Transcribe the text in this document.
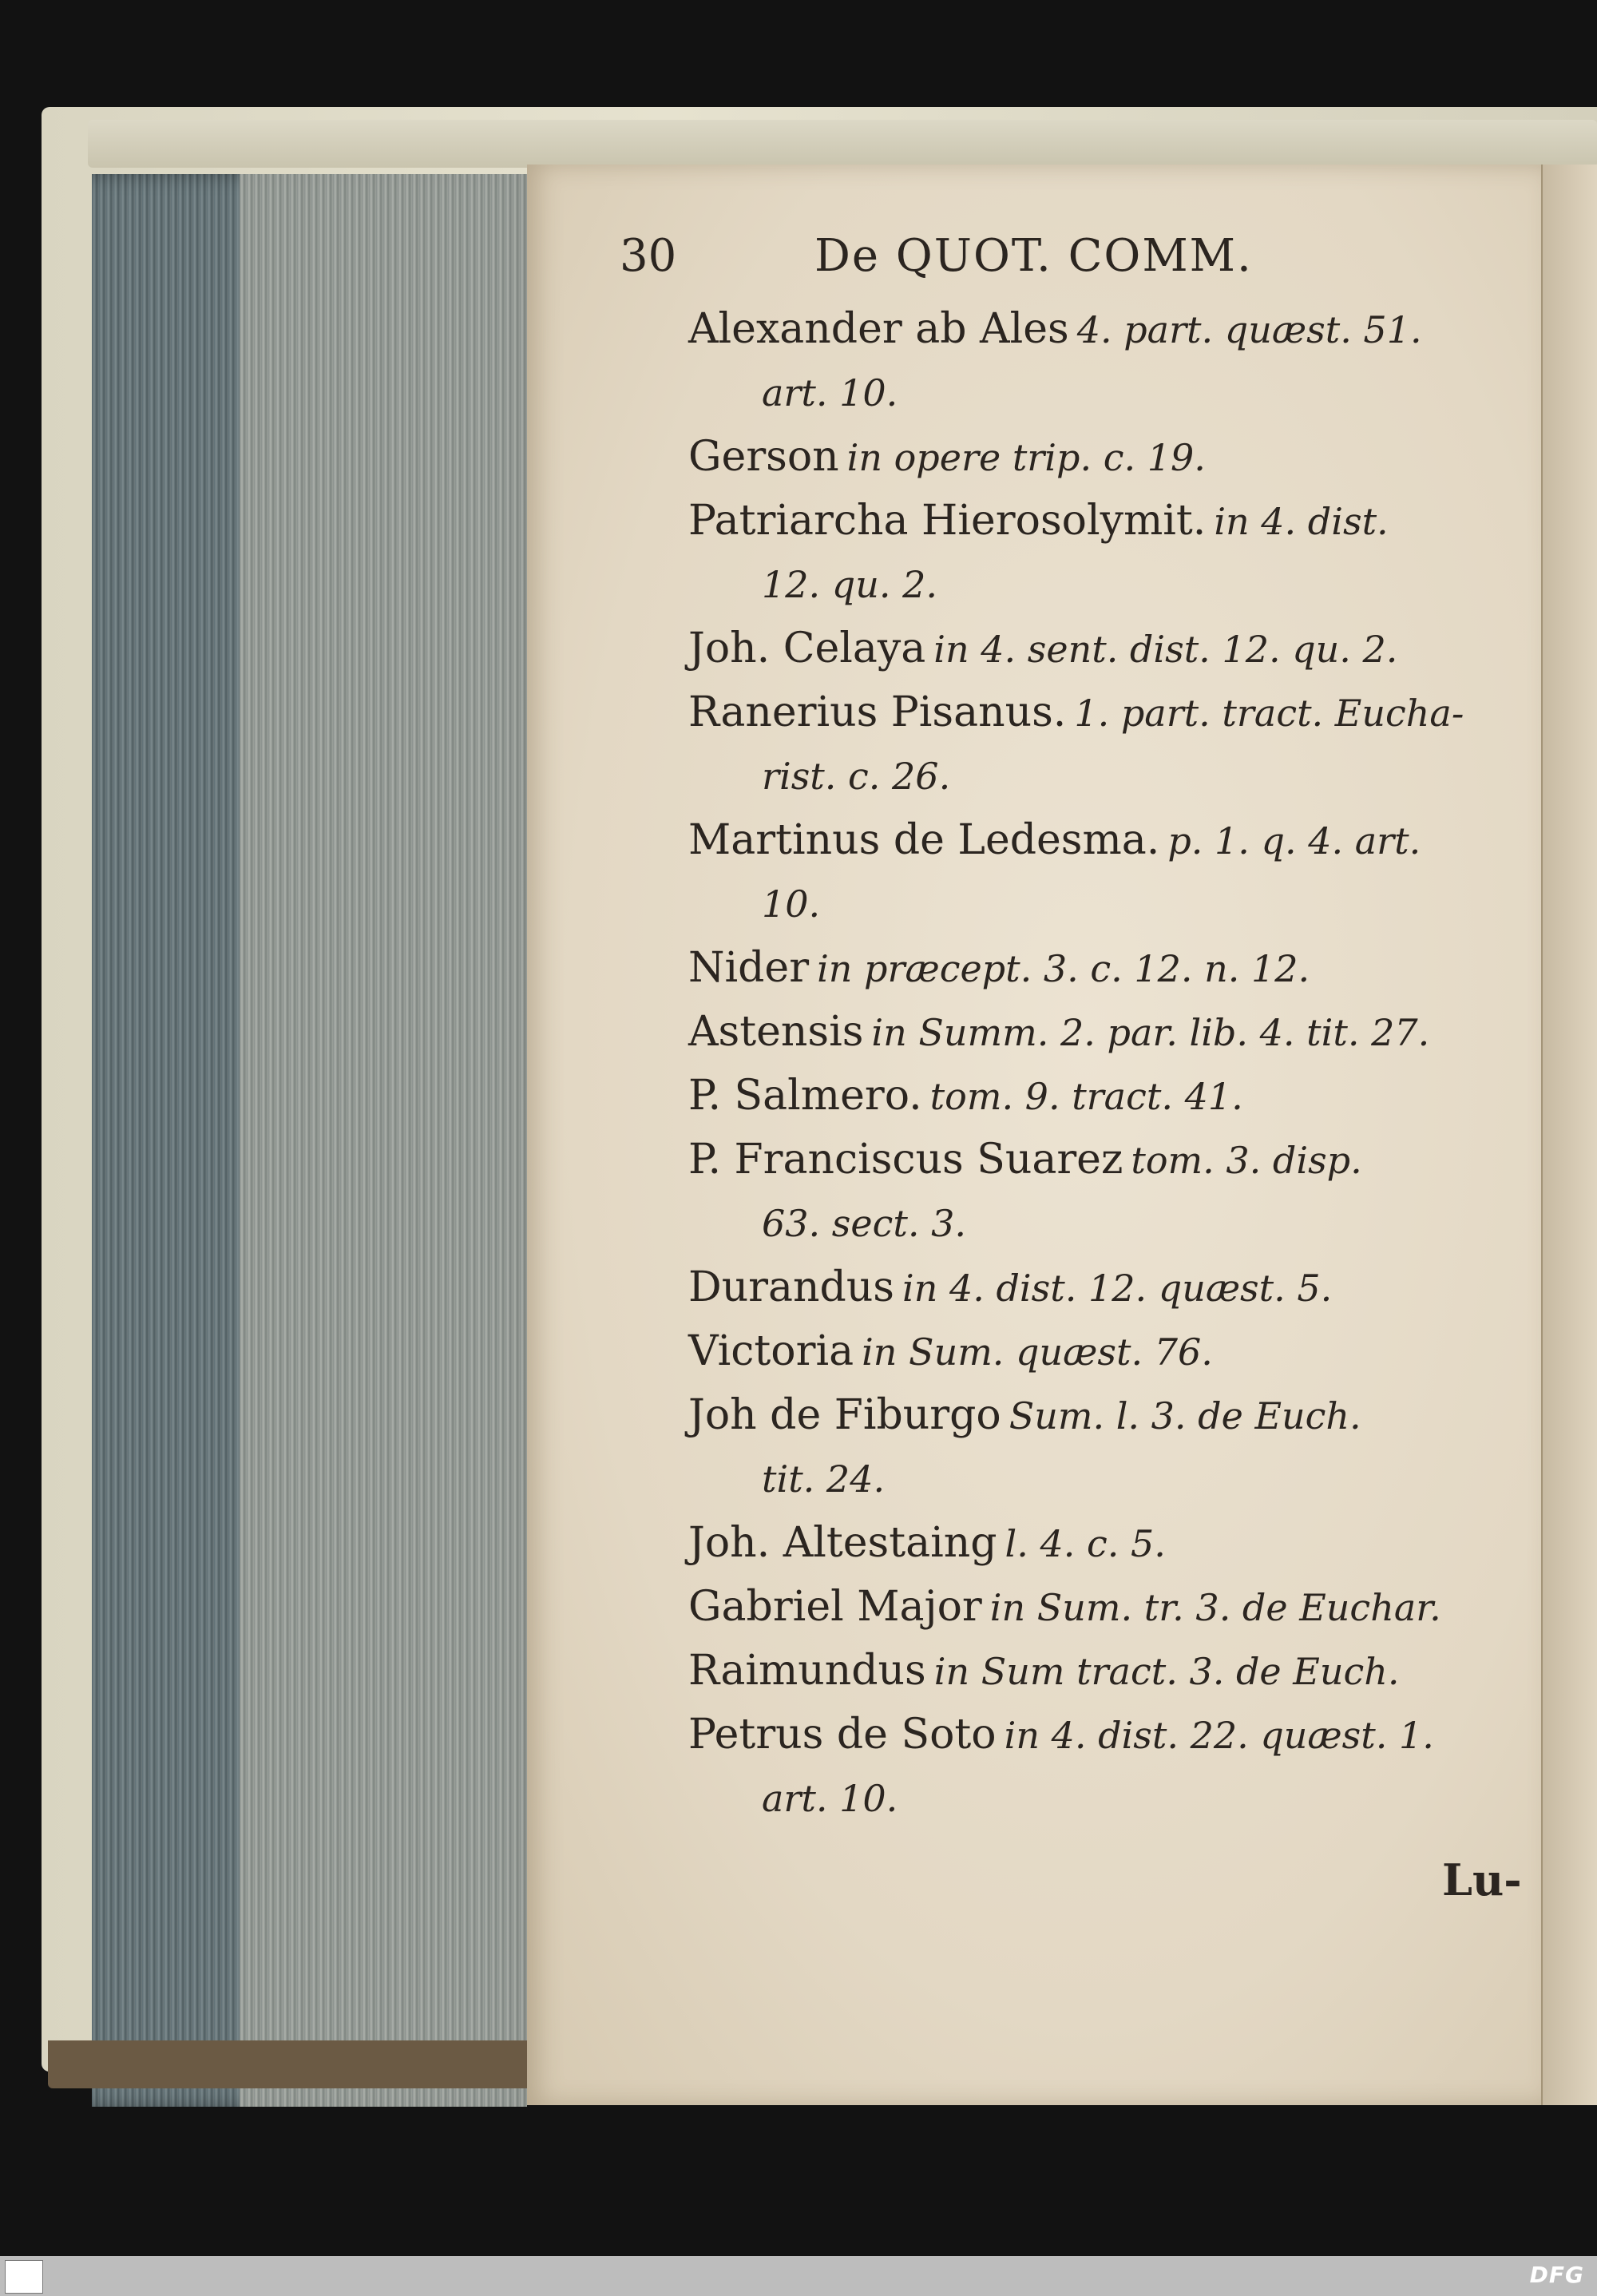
30	De QUOT. COMM.
Alexander ab Ales 4. part. quæst. 51.
art. 10.
Gerson in opere trip. c. 19.
Patriarcha Hierosolymit. in 4. dist.
12. qu. 2.
Joh. Celaya in 4. sent. dist. 12. qu. 2.
Ranerius Pisanus. 1. part. tract. Eucha-
rist. c. 26.
Martinus de Ledesma. p. 1. q. 4. art.
10.
Nider in præcept. 3. c. 12. n. 12.
Astensis in Summ. 2. par. lib. 4. tit. 27.
P. Salmero. tom. 9. tract. 41.
P. Franciscus Suarez tom. 3. disp.
63. sect. 3.
Durandus in 4. dist. 12. quæst. 5.
Victoria in Sum. quæst. 76.
Joh de Fiburgo Sum. l. 3. de Euch.
tit. 24.
Joh. Altestaing l. 4. c. 5.
Gabriel Major in Sum. tr. 3. de Euchar.
Raimundus in Sum tract. 3. de Euch.
Petrus de Soto in 4. dist. 22. quæst. 1.
art. 10.
Lu-
DFG
